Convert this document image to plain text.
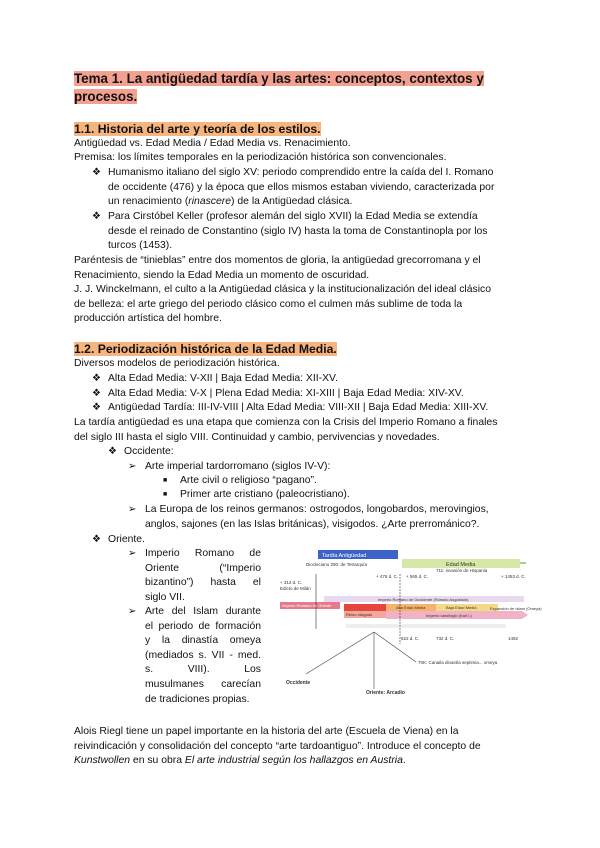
Tema 1. La antigüedad tardía y las artes: conceptos, contextos y
procesos.
1.1. Historia del arte y teoría de los estilos.
Antigüedad vs. Edad Media / Edad Media vs. Renacimiento.
Premisa: los límites temporales en la periodización histórica son convencionales.
❖ Humanismo italiano del siglo XV: periodo comprendido entre la caída del I. Romano
de occidente (476) y la época que ellos mismos estaban viviendo, caracterizada por
un renacimiento (rinascere) de la Antigüedad clásica.
❖ Para Cirstóbel Keller (profesor alemán del siglo XVII) la Edad Media se extendía
desde el reinado de Constantino (siglo IV) hasta la toma de Constantinopla por los
turcos (1453).
Paréntesis de “tinieblas” entre dos momentos de gloria, la antigüedad grecorromana y el
Renacimiento, siendo la Edad Media un momento de oscuridad.
J. J. Winckelmann, el culto a la Antigüedad clásica y la institucionalización del ideal clásico
de belleza: el arte griego del periodo clásico como el culmen más sublime de toda la
producción artística del hombre.
1.2. Periodización histórica de la Edad Media.
Diversos modelos de periodización histórica.
❖ Alta Edad Media: V-XII | Baja Edad Media: XII-XV.
❖ Alta Edad Media: V-X | Plena Edad Media: XI-XIII | Baja Edad Media: XIV-XV.
❖ Antigüedad Tardía: III-IV-VIII | Alta Edad Media: VIII-XII | Baja Edad Media: XIII-XV.
La tardía antigüedad es una etapa que comienza con la Crisis del Imperio Romano a finales
del siglo III hasta el siglo VIII. Continuidad y cambio, pervivencias y novedades.
❖ Occidente:
➢ Arte imperial tardorromano (siglos IV-V):
■ Arte civil o religioso “pagano”.
■ Primer arte cristiano (paleocristiano).
➢ La Europa de los reinos germanos: ostrogodos, longobardos, merovingios,
anglos, sajones (en las Islas británicas), visigodos. ¿Arte prerrománico?.
❖ Oriente.
➢ Imperio Romano de
Oriente (“Imperio
bizantino”) hasta el
siglo VII.
➢ Arte del Islam durante
el periodo de formación
y la dinastía omeya
(mediados s. VII - med.
s. VIII). Los
musulmanes carecían
de tradiciones propias.
Tardía Antigüedad
Edad Media
Diocleciano 290: de Tetrarquía
+ 476 d. C. + 565 d. C.
711: invasión de Hispania
+ 1453 d. C.
+ 312 d. C.
Edicto de Milán
Imperio Romano de Occidente (Rómulo Augústulo)
Imperio Romano de Oriente	Alta Edad Media	Baja Edad Media
Reino visigodo	Imperio carolingio (Karl I.)
Expansión de Islam (Omeya)
622 d. C.	732 d. C.	1492
Occidente
Oriente: Arcadio
70K: Canaila dinastía septimia... omeya
Alois Riegl tiene un papel importante en la historia del arte (Escuela de Viena) en la
reivindicación y consolidación del concepto “arte tardoantiguo”. Introduce el concepto de
Kunstwollen en su obra El arte industrial según los hallazgos en Austria.
